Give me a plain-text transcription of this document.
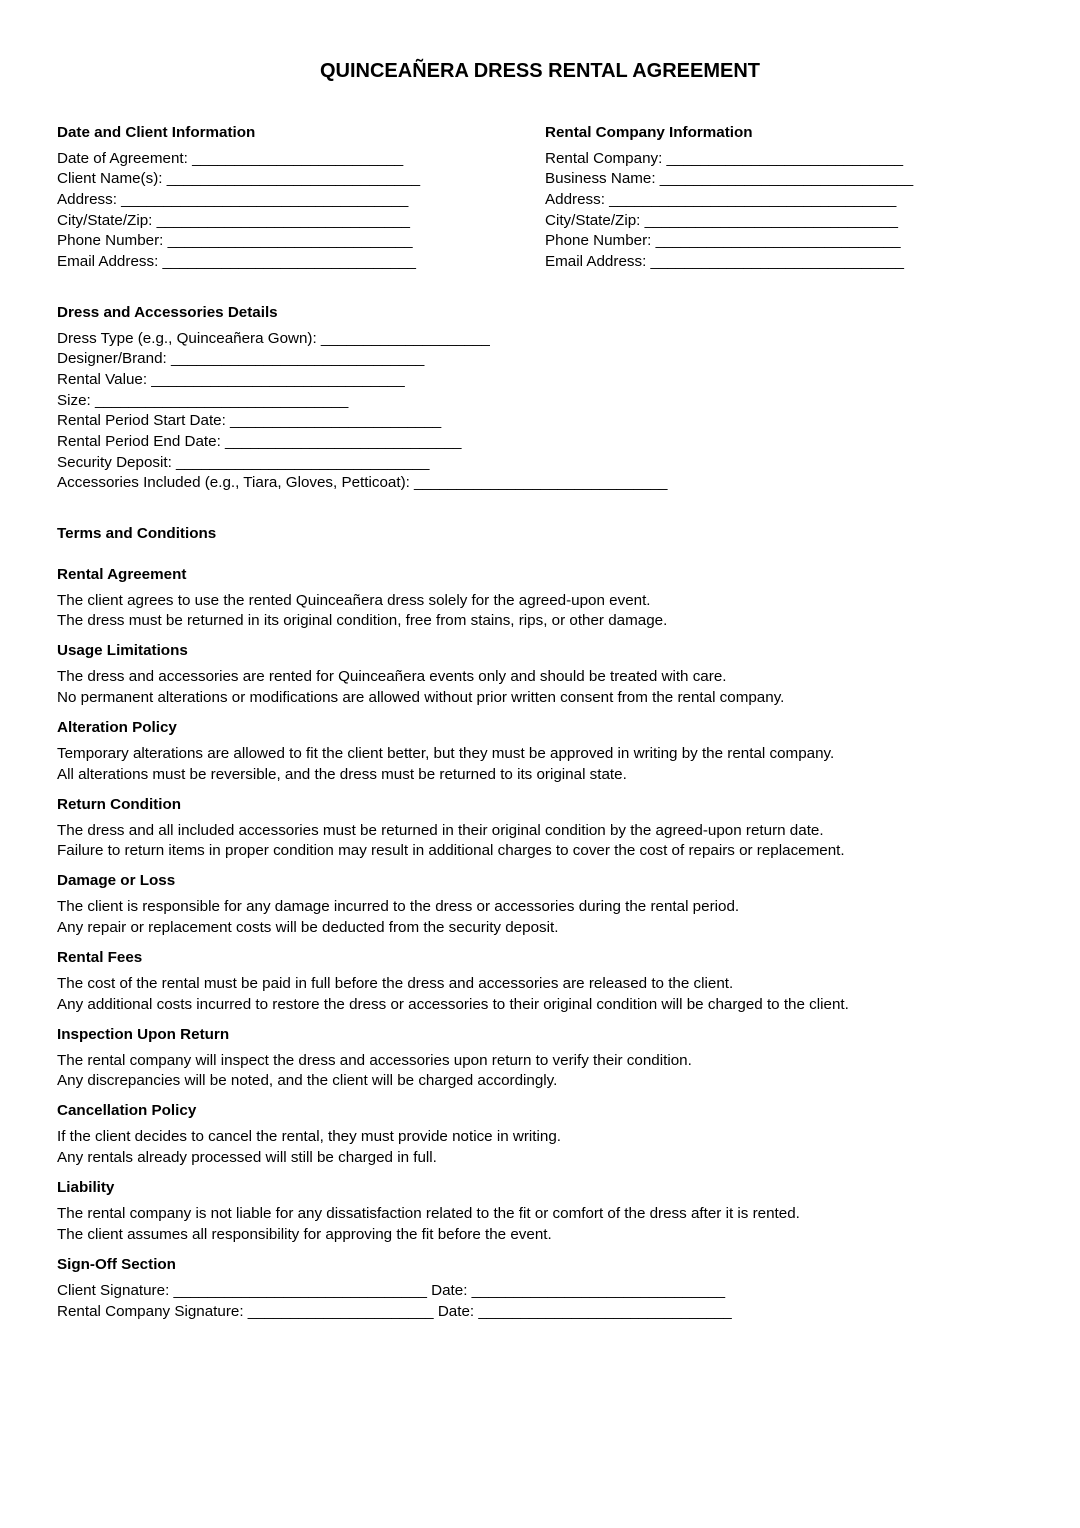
QUINCEAÑERA DRESS RENTAL AGREEMENT
Date and Client Information
Date of Agreement: _________________________
Client Name(s): ______________________________
Address: __________________________________
City/State/Zip: ______________________________
Phone Number: _____________________________
Email Address: ______________________________
Rental Company Information
Rental Company: ____________________________
Business Name: ______________________________
Address: __________________________________
City/State/Zip: ______________________________
Phone Number: _____________________________
Email Address: ______________________________
Dress and Accessories Details
Dress Type (e.g., Quinceañera Gown): ____________________
Designer/Brand: ______________________________
Rental Value: ______________________________
Size: ______________________________
Rental Period Start Date: _________________________
Rental Period End Date: ____________________________
Security Deposit: ______________________________
Accessories Included (e.g., Tiara, Gloves, Petticoat): ______________________________
Terms and Conditions
Rental Agreement
The client agrees to use the rented Quinceañera dress solely for the agreed-upon event.
The dress must be returned in its original condition, free from stains, rips, or other damage.
Usage Limitations
The dress and accessories are rented for Quinceañera events only and should be treated with care.
No permanent alterations or modifications are allowed without prior written consent from the rental company.
Alteration Policy
Temporary alterations are allowed to fit the client better, but they must be approved in writing by the rental company.
All alterations must be reversible, and the dress must be returned to its original state.
Return Condition
The dress and all included accessories must be returned in their original condition by the agreed-upon return date.
Failure to return items in proper condition may result in additional charges to cover the cost of repairs or replacement.
Damage or Loss
The client is responsible for any damage incurred to the dress or accessories during the rental period.
Any repair or replacement costs will be deducted from the security deposit.
Rental Fees
The cost of the rental must be paid in full before the dress and accessories are released to the client.
Any additional costs incurred to restore the dress or accessories to their original condition will be charged to the client.
Inspection Upon Return
The rental company will inspect the dress and accessories upon return to verify their condition.
Any discrepancies will be noted, and the client will be charged accordingly.
Cancellation Policy
If the client decides to cancel the rental, they must provide notice in writing.
Any rentals already processed will still be charged in full.
Liability
The rental company is not liable for any dissatisfaction related to the fit or comfort of the dress after it is rented.
The client assumes all responsibility for approving the fit before the event.
Sign-Off Section
Client Signature: ______________________________ Date: ______________________________
Rental Company Signature: ______________________ Date: ______________________________
